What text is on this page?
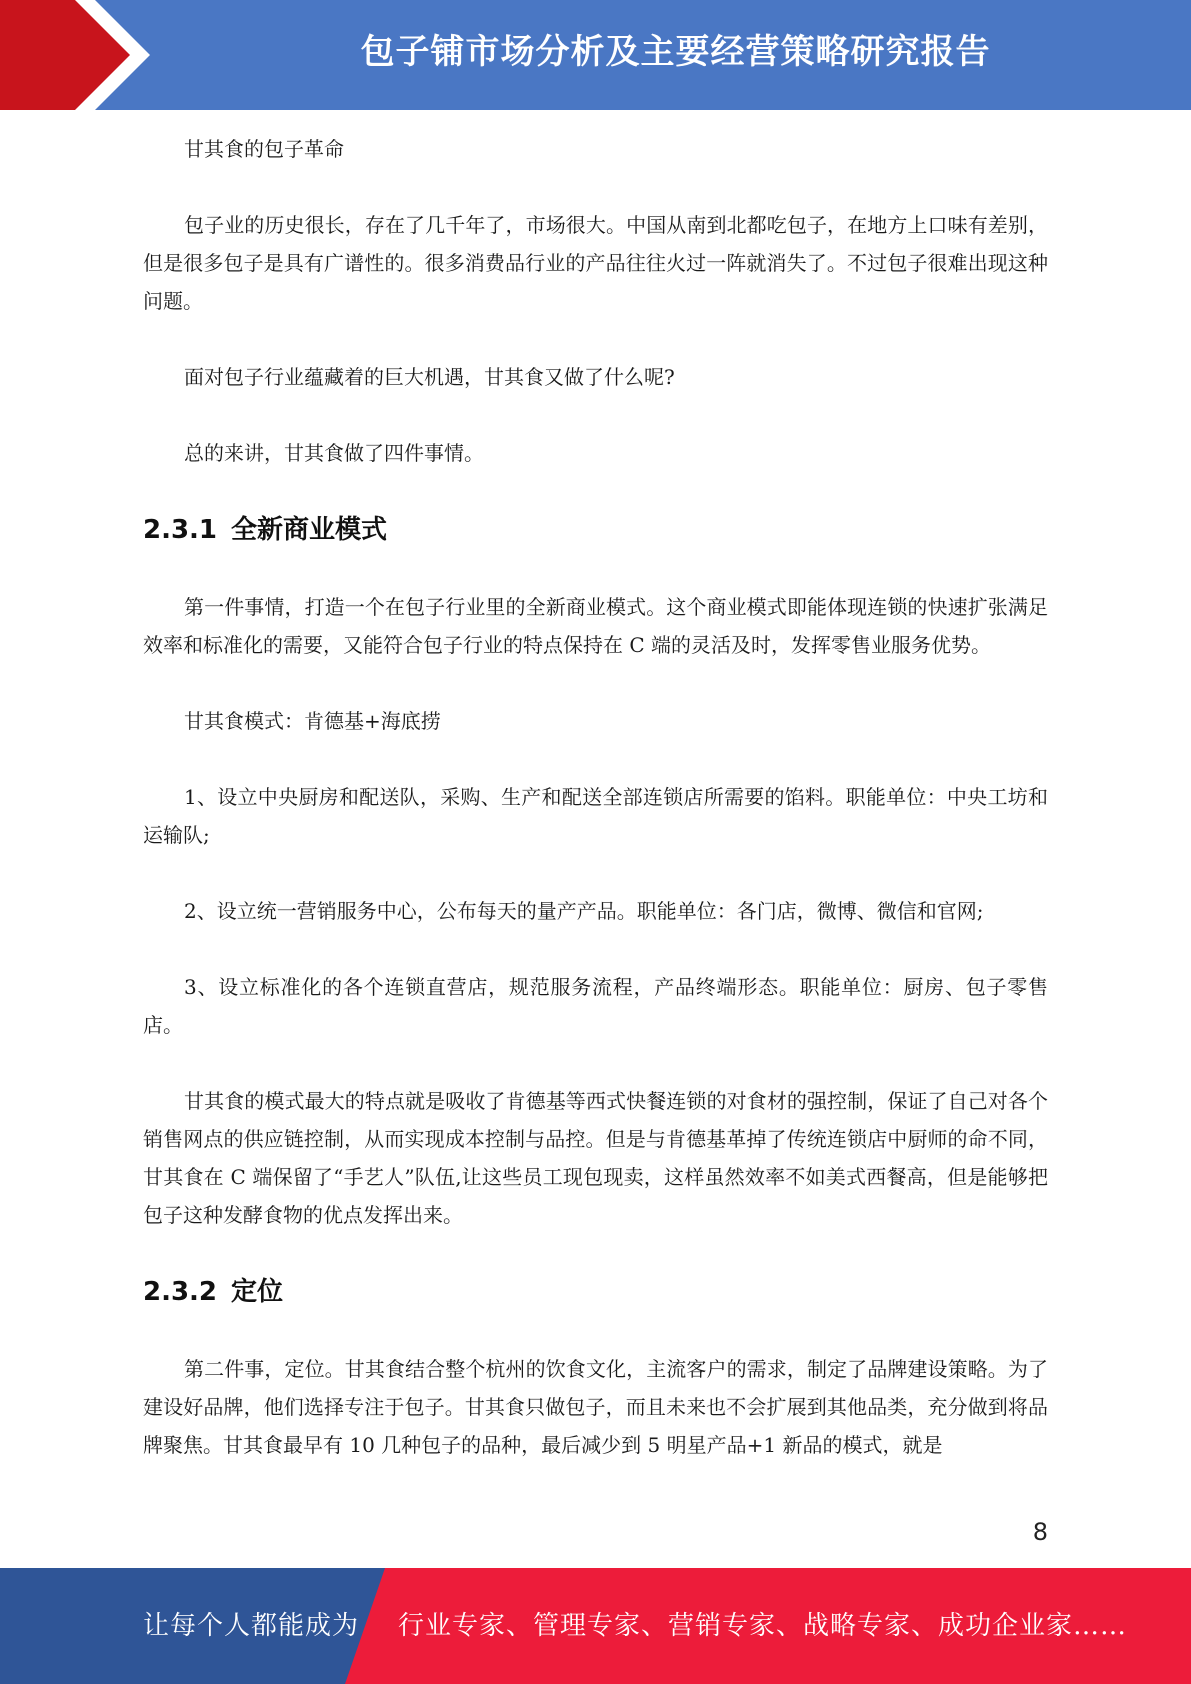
包子铺市场分析及主要经营策略研究报告

甘其食的包子革命

包子业的历史很长，存在了几千年了，市场很大。中国从南到北都吃包子，在地方上口味有差别，但是很多包子是具有广谱性的。很多消费品行业的产品往往火过一阵就消失了。不过包子很难出现这种问题。

面对包子行业蕴藏着的巨大机遇，甘其食又做了什么呢?

总的来讲，甘其食做了四件事情。

2.3.1 全新商业模式

第一件事情，打造一个在包子行业里的全新商业模式。这个商业模式即能体现连锁的快速扩张满足效率和标准化的需要，又能符合包子行业的特点保持在 C 端的灵活及时，发挥零售业服务优势。

甘其食模式：肯德基+海底捞

1、设立中央厨房和配送队，采购、生产和配送全部连锁店所需要的馅料。职能单位：中央工坊和运输队;

2、设立统一营销服务中心，公布每天的量产产品。职能单位：各门店，微博、微信和官网;

3、设立标准化的各个连锁直营店，规范服务流程，产品终端形态。职能单位：厨房、包子零售店。

甘其食的模式最大的特点就是吸收了肯德基等西式快餐连锁的对食材的强控制，保证了自己对各个销售网点的供应链控制，从而实现成本控制与品控。但是与肯德基革掉了传统连锁店中厨师的命不同，甘其食在 C 端保留了“手艺人”队伍,让这些员工现包现卖，这样虽然效率不如美式西餐高，但是能够把包子这种发酵食物的优点发挥出来。

2.3.2 定位

第二件事，定位。甘其食结合整个杭州的饮食文化，主流客户的需求，制定了品牌建设策略。为了建设好品牌，他们选择专注于包子。甘其食只做包子，而且未来也不会扩展到其他品类，充分做到将品牌聚焦。甘其食最早有 10 几种包子的品种，最后减少到 5 明星产品+1 新品的模式，就是

8
让每个人都能成为 行业专家、管理专家、营销专家、战略专家、成功企业家……
